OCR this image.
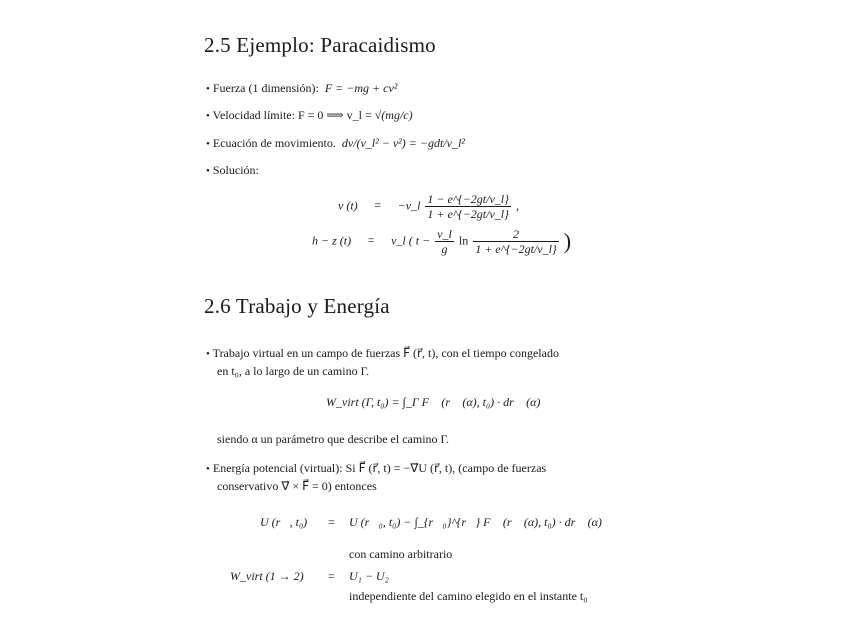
2.5 Ejemplo: Paracaidismo
• Fuerza (1 dimensión): F = −mg + cv²
• Velocidad límite: F = 0 ⟹ v_l = √(mg/c)
• Ecuación de movimiento. dv/(v_l² − v²) = −gdt/v_l²
• Solución:
v (t) = −v_l $\frac{1 - e\^{}\{-2gt/v\_l\}}{1 + e\^{}\{-2gt/v\_l\}}$ ,
h − z (t) = v_l ( $t - \frac{v\_l}{g}$ $\ln \frac{2}{1 + e\^{}\{-2gt/v\_l\}}$ )
2.6 Trabajo y Energía
• Trabajo virtual en un campo de fuerzas F⃗ (r⃗, t), con el tiempo congelado
en t₀, a lo largo de un camino Γ.
W_virt (Γ, t₀) = ∫_Γ F⃗ (r⃗ (α), t₀) · dr⃗ (α)
siendo α un parámetro que describe el camino Γ.
• Energía potencial (virtual): Si F⃗ (r⃗, t) = −∇⃗U (r⃗, t), (campo de fuerzas
conservativo ∇⃗ × F⃗ = 0) entonces
U (r⃗, t₀) = U (r⃗₀, t₀) − ∫_{r⃗₀}^{r⃗} F⃗ (r⃗ (α), t₀) · dr⃗ (α)
con camino arbitrario
W_virt (1 → 2) = U₁ − U₂
independiente del camino elegido en el instante t₀
